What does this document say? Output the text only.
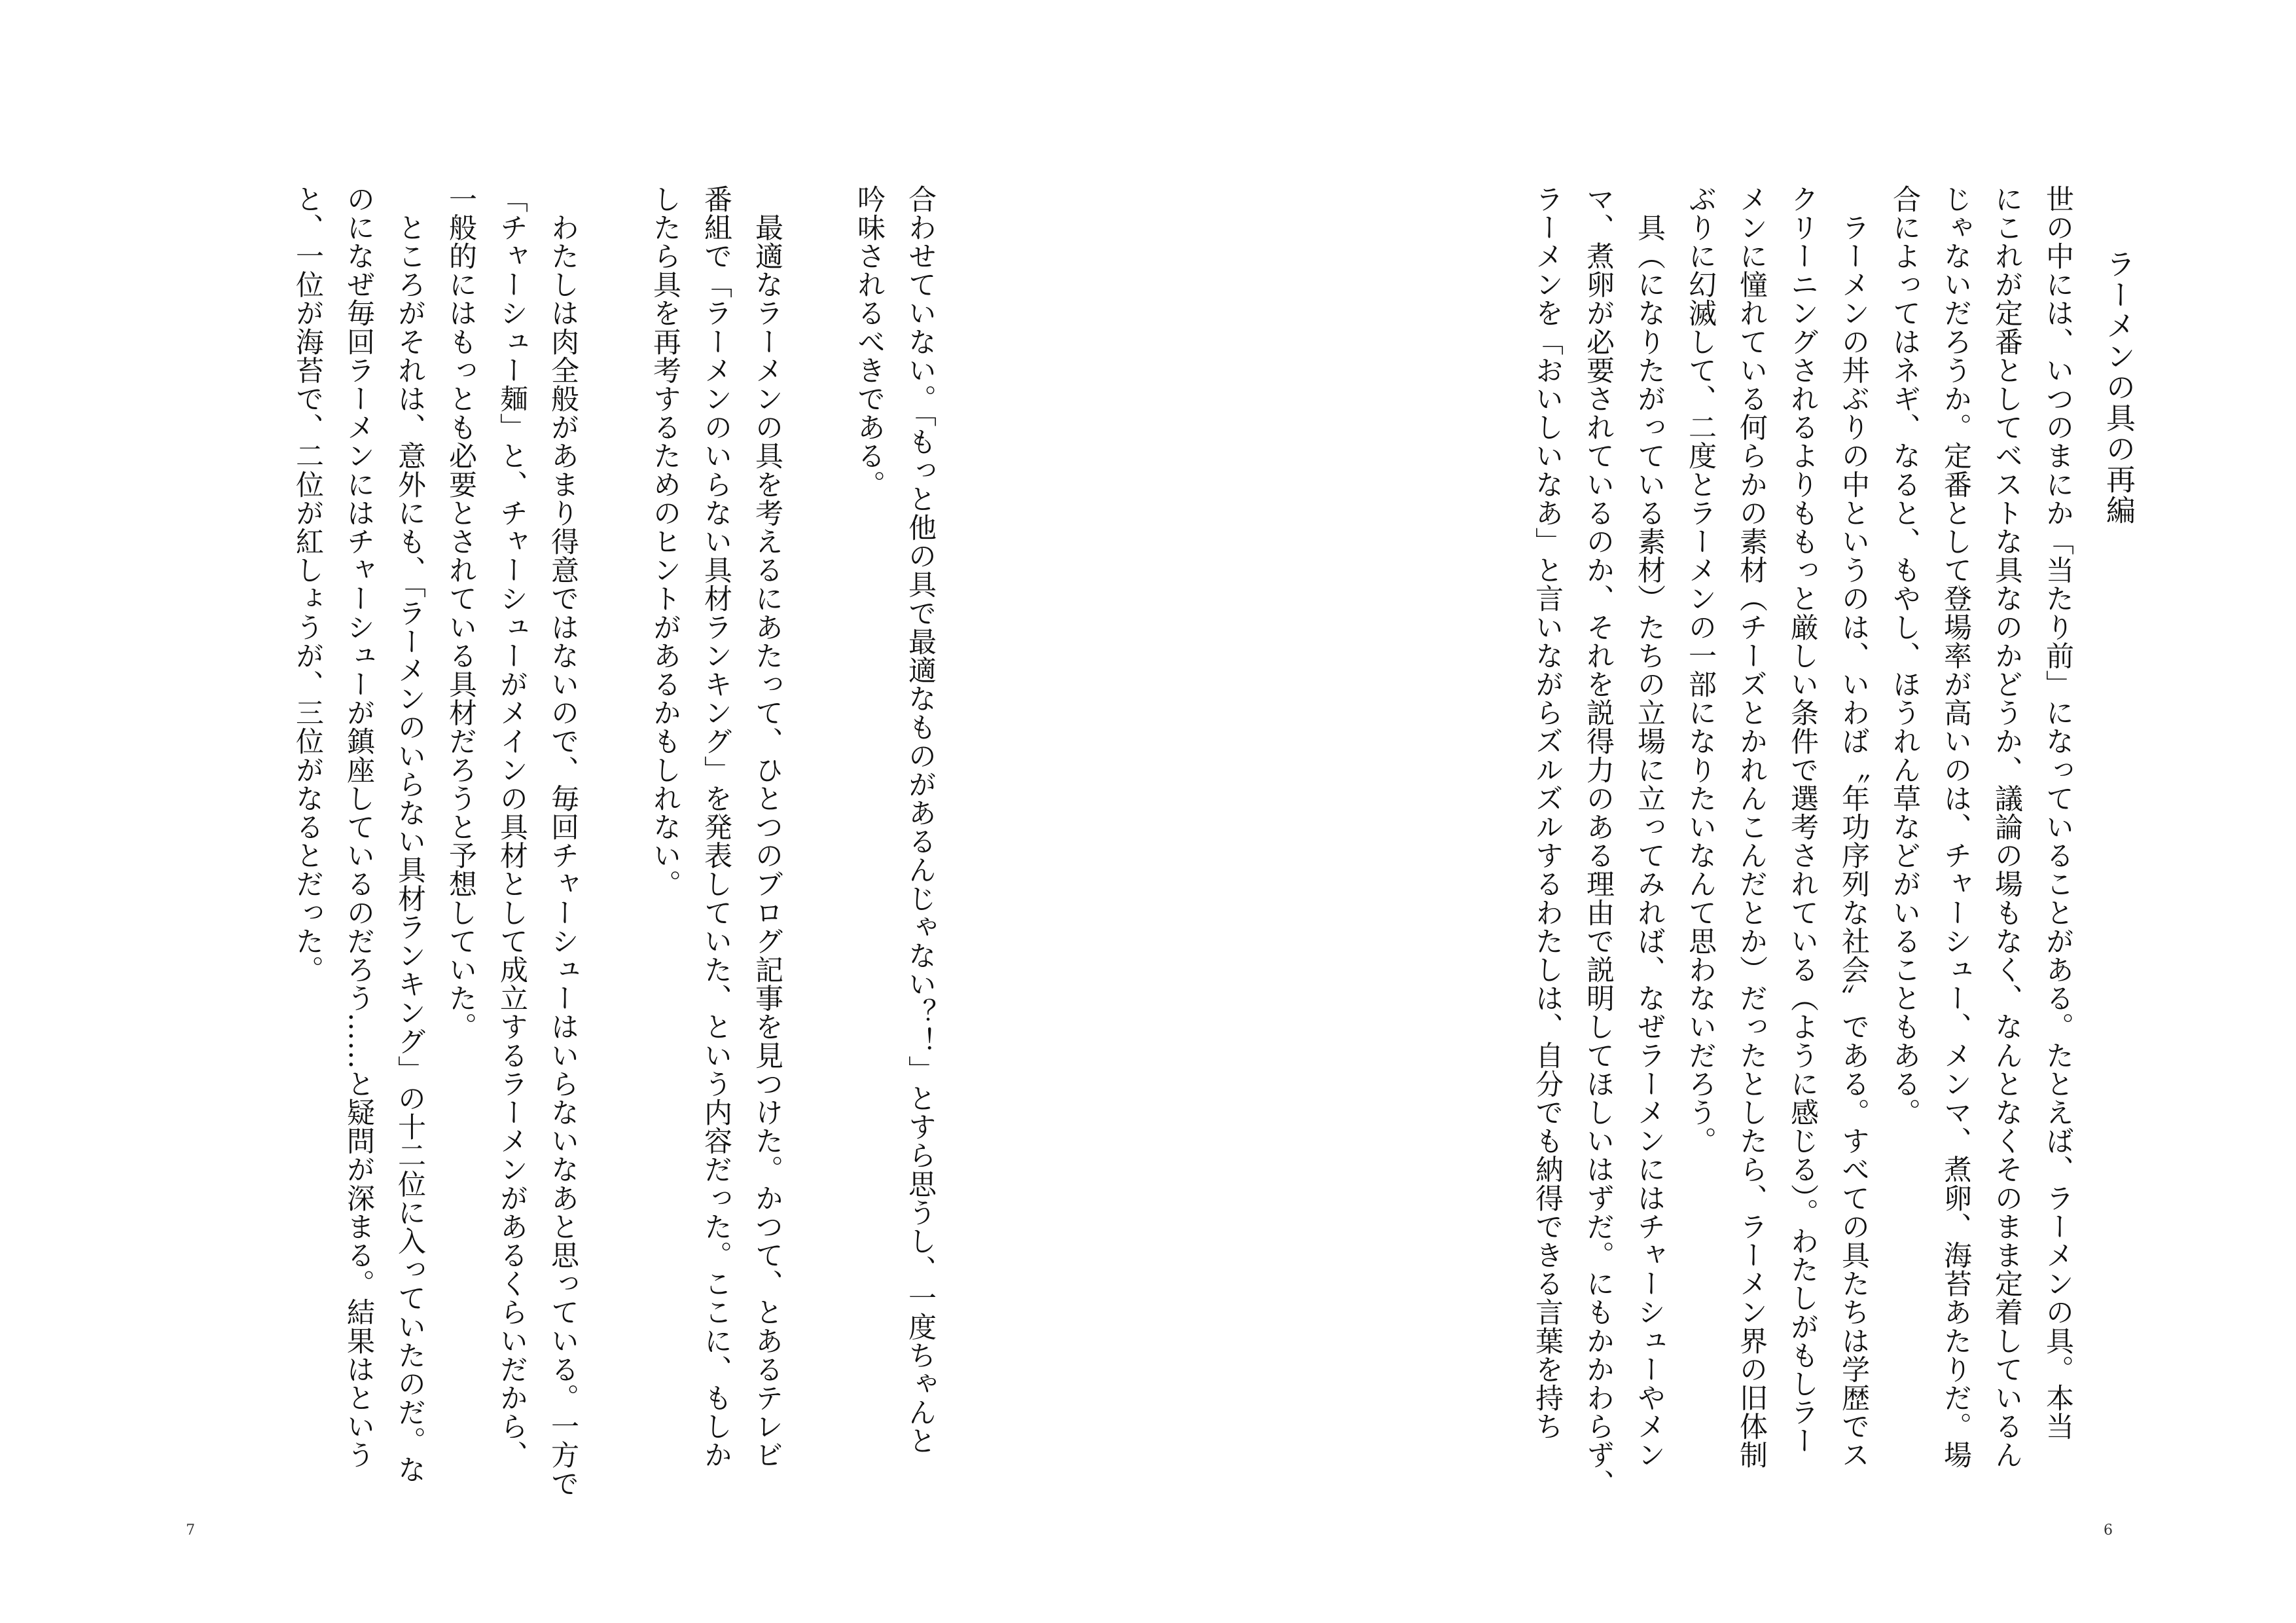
ラーメンの具の再編
世の中には、いつのまにか「当たり前」になっていることがある。たとえば、ラーメンの具。本当
にこれが定番としてベストな具なのかどうか、議論の場もなく、なんとなくそのまま定着しているん
じゃないだろうか。定番として登場率が高いのは、チャーシュー、メンマ、煮卵、海苔あたりだ。場
合によってはネギ、なると、もやし、ほうれん草などがいることもある。
　ラーメンの丼ぶりの中というのは、いわば〝年功序列な社会〟である。すべての具たちは学歴でス
クリーニングされるよりももっと厳しい条件で選考されている（ように感じる）。わたしがもしラー
メンに憧れている何らかの素材（チーズとかれんこんだとか）だったとしたら、ラーメン界の旧体制
ぶりに幻滅して、二度とラーメンの一部になりたいなんて思わないだろう。
　具（になりたがっている素材）たちの立場に立ってみれば、なぜラーメンにはチャーシューやメン
マ、煮卵が必要されているのか、それを説得力のある理由で説明してほしいはずだ。にもかかわらず、
ラーメンを「おいしいなあ」と言いながらズルズルするわたしは、自分でも納得できる言葉を持ち
6
合わせていない。「もっと他の具で最適なものがあるんじゃない？！」とすら思うし、一度ちゃんと
吟味されるべきである。
　最適なラーメンの具を考えるにあたって、ひとつのブログ記事を見つけた。かつて、とあるテレビ
番組で「ラーメンのいらない具材ランキング」を発表していた、という内容だった。ここに、もしか
したら具を再考するためのヒントがあるかもしれない。
　わたしは肉全般があまり得意ではないので、毎回チャーシューはいらないなあと思っている。一方で
「チャーシュー麺」と、チャーシューがメインの具材として成立するラーメンがあるくらいだから、
一般的にはもっとも必要とされている具材だろうと予想していた。
　ところがそれは、意外にも、「ラーメンのいらない具材ランキング」の十二位に入っていたのだ。な
のになぜ毎回ラーメンにはチャーシューが鎮座しているのだろう……と疑問が深まる。結果はという
と、一位が海苔で、二位が紅しょうが、三位がなるとだった。
7
